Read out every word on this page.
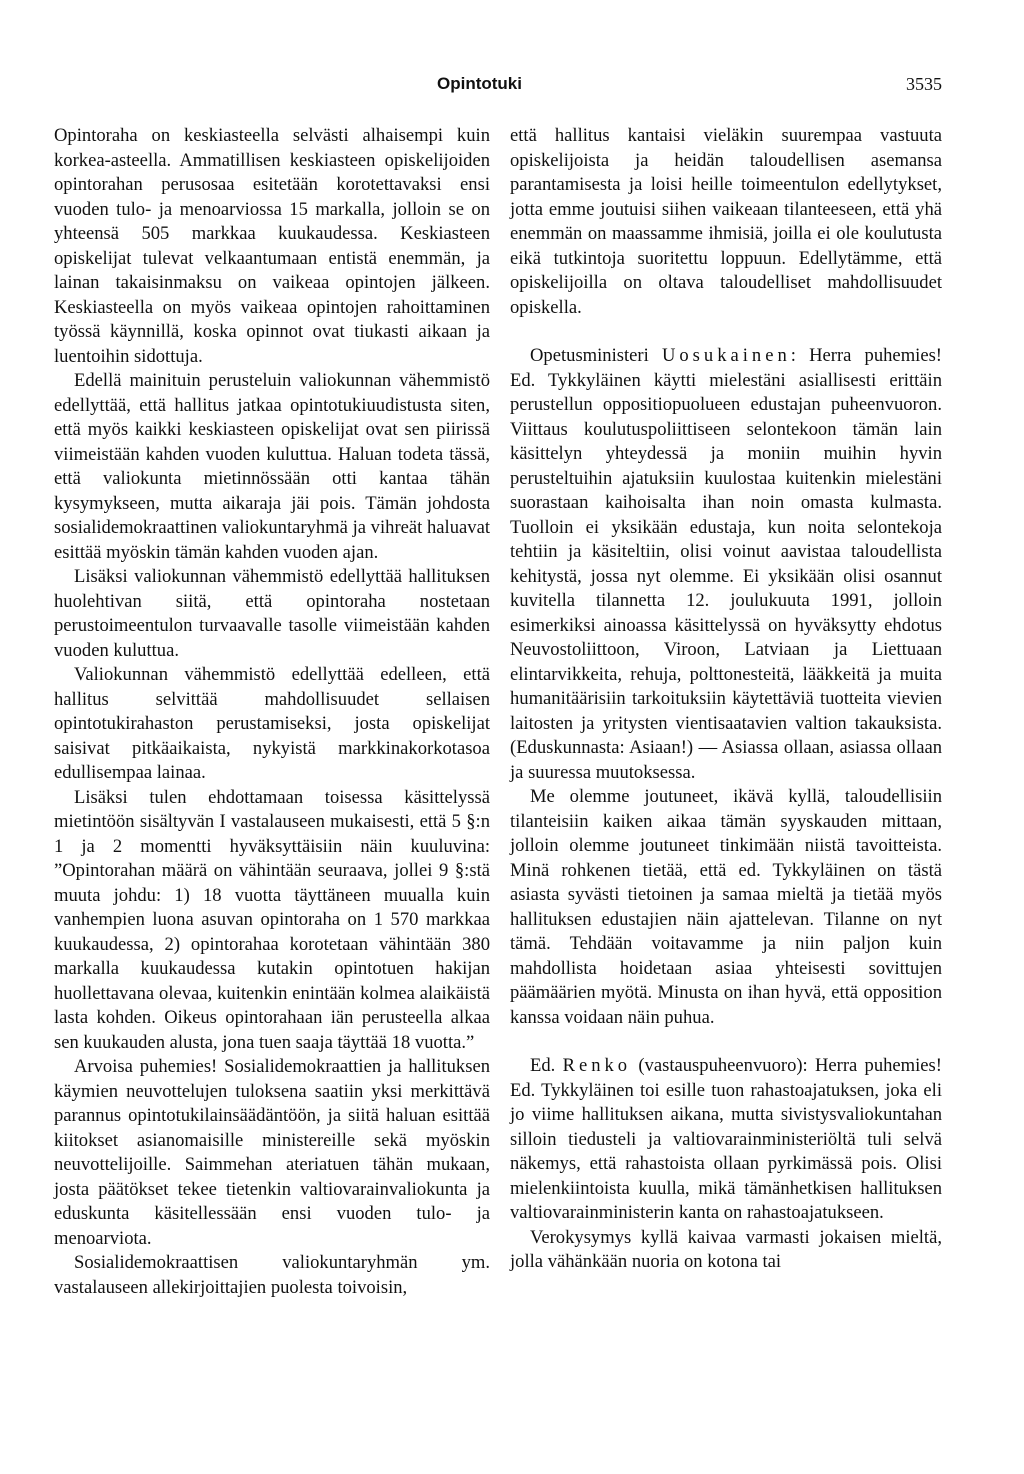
Opintotuki	3535

Opintoraha on keskiasteella selvästi alhaisempi kuin korkea-asteella. Ammatillisen keskiasteen opiskelijoiden opintorahan perusosaa esitetään korotettavaksi ensi vuoden tulo- ja menoarviossa 15 markalla, jolloin se on yhteensä 505 markkaa kuukaudessa. Keskiasteen opiskelijat tulevat velkaantumaan entistä enemmän, ja lainan takaisinmaksu on vaikeaa opintojen jälkeen. Keskiasteella on myös vaikeaa opintojen rahoittaminen työssä käynnillä, koska opinnot ovat tiukasti aikaan ja luentoihin sidottuja.

Edellä mainituin perusteluin valiokunnan vähemmistö edellyttää, että hallitus jatkaa opintotukiuudistusta siten, että myös kaikki keskiasteen opiskelijat ovat sen piirissä viimeistään kahden vuoden kuluttua. Haluan todeta tässä, että valiokunta mietinnössään otti kantaa tähän kysymykseen, mutta aikaraja jäi pois. Tämän johdosta sosialidemokraattinen valiokuntaryhmä ja vihreät haluavat esittää myöskin tämän kahden vuoden ajan.

Lisäksi valiokunnan vähemmistö edellyttää hallituksen huolehtivan siitä, että opintoraha nostetaan perustoimeentulon turvaavalle tasolle viimeistään kahden vuoden kuluttua.

Valiokunnan vähemmistö edellyttää edelleen, että hallitus selvittää mahdollisuudet sellaisen opintotukirahaston perustamiseksi, josta opiskelijat saisivat pitkäaikaista, nykyistä markkinakorkotasoa edullisempaa lainaa.

Lisäksi tulen ehdottamaan toisessa käsittelyssä mietintöön sisältyvän I vastalauseen mukaisesti, että 5 §:n 1 ja 2 momentti hyväksyttäisiin näin kuuluvina: ”Opintorahan määrä on vähintään seuraava, jollei 9 §:stä muuta johdu: 1) 18 vuotta täyttäneen muualla kuin vanhempien luona asuvan opintoraha on 1 570 markkaa kuukaudessa, 2) opintorahaa korotetaan vähintään 380 markalla kuukaudessa kutakin opintotuen hakijan huollettavana olevaa, kuitenkin enintään kolmea alaikäistä lasta kohden. Oikeus opintorahaan iän perusteella alkaa sen kuukauden alusta, jona tuen saaja täyttää 18 vuotta.”

Arvoisa puhemies! Sosialidemokraattien ja hallituksen käymien neuvottelujen tuloksena saatiin yksi merkittävä parannus opintotukilainsäädäntöön, ja siitä haluan esittää kiitokset asianomaisille ministereille sekä myöskin neuvottelijoille. Saimmehan ateriatuen tähän mukaan, josta päätökset tekee tietenkin valtiovarainvaliokunta ja eduskunta käsitellessään ensi vuoden tulo- ja menoarviota.

Sosialidemokraattisen valiokuntaryhmän ym. vastalauseen allekirjoittajien puolesta toivoisin,

että hallitus kantaisi vieläkin suurempaa vastuuta opiskelijoista ja heidän taloudellisen asemansa parantamisesta ja loisi heille toimeentulon edellytykset, jotta emme joutuisi siihen vaikeaan tilanteeseen, että yhä enemmän on maassamme ihmisiä, joilla ei ole koulutusta eikä tutkintoja suoritettu loppuun. Edellytämme, että opiskelijoilla on oltava taloudelliset mahdollisuudet opiskella.

Opetusministeri Uosukainen: Herra puhemies! Ed. Tykkyläinen käytti mielestäni asiallisesti erittäin perustellun oppositiopuolueen edustajan puheenvuoron. Viittaus koulutuspoliittiseen selontekoon tämän lain käsittelyn yhteydessä ja moniin muihin hyvin perusteltuihin ajatuksiin kuulostaa kuitenkin mielestäni suorastaan kaihoisalta ihan noin omasta kulmasta. Tuolloin ei yksikään edustaja, kun noita selontekoja tehtiin ja käsiteltiin, olisi voinut aavistaa taloudellista kehitystä, jossa nyt olemme. Ei yksikään olisi osannut kuvitella tilannetta 12. joulukuuta 1991, jolloin esimerkiksi ainoassa käsittelyssä on hyväksytty ehdotus Neuvostoliittoon, Viroon, Latviaan ja Liettuaan elintarvikkeita, rehuja, polttonesteitä, lääkkeitä ja muita humanitäärisiin tarkoituksiin käytettäviä tuotteita vievien laitosten ja yritysten vientisaatavien valtion takauksista. (Eduskunnasta: Asiaan!) — Asiassa ollaan, asiassa ollaan ja suuressa muutoksessa.

Me olemme joutuneet, ikävä kyllä, taloudellisiin tilanteisiin kaiken aikaa tämän syyskauden mittaan, jolloin olemme joutuneet tinkimään niistä tavoitteista. Minä rohkenen tietää, että ed. Tykkyläinen on tästä asiasta syvästi tietoinen ja samaa mieltä ja tietää myös hallituksen edustajien näin ajattelevan. Tilanne on nyt tämä. Tehdään voitavamme ja niin paljon kuin mahdollista hoidetaan asiaa yhteisesti sovittujen päämäärien myötä. Minusta on ihan hyvä, että opposition kanssa voidaan näin puhua.

Ed. Renko (vastauspuheenvuoro): Herra puhemies! Ed. Tykkyläinen toi esille tuon rahastoajatuksen, joka eli jo viime hallituksen aikana, mutta sivistysvaliokuntahan silloin tiedusteli ja valtiovarainministeriöltä tuli selvä näkemys, että rahastoista ollaan pyrkimässä pois. Olisi mielenkiintoista kuulla, mikä tämänhetkisen hallituksen valtiovarainministerin kanta on rahastoajatukseen.

Verokysymys kyllä kaivaa varmasti jokaisen mieltä, jolla vähänkään nuoria on kotona tai
